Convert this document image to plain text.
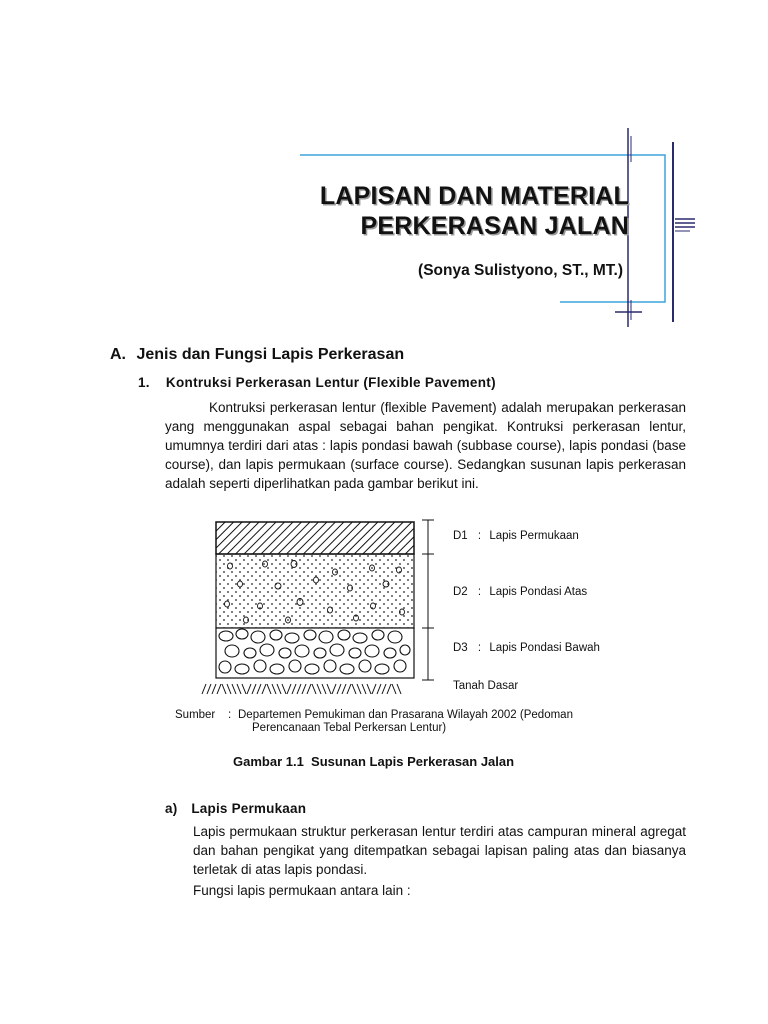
LAPISAN DAN MATERIAL
PERKERASAN JALAN
(Sonya Sulistyono, ST., MT.)
A. Jenis dan Fungsi Lapis Perkerasan
1. Kontruksi Perkerasan Lentur (Flexible Pavement)
Kontruksi perkerasan lentur (flexible Pavement) adalah merupakan perkerasan yang menggunakan aspal sebagai bahan pengikat. Kontruksi perkerasan lentur, umumnya terdiri dari atas : lapis pondasi bawah (subbase course), lapis pondasi (base course), dan lapis permukaan (surface course). Sedangkan susunan lapis perkerasan adalah seperti diperlihatkan pada gambar berikut ini.
D1 : Lapis Permukaan
D2 : Lapis Pondasi Atas
D3 : Lapis Pondasi Bawah
Tanah Dasar
Sumber : Departemen Pemukiman dan Prasarana Wilayah 2002 (Pedoman
Perencanaan Tebal Perkersan Lentur)
Gambar 1.1  Susunan Lapis Perkerasan Jalan
a) Lapis Permukaan
Lapis permukaan struktur perkerasan lentur terdiri atas campuran mineral agregat dan bahan pengikat yang ditempatkan sebagai lapisan paling atas dan biasanya terletak di atas lapis pondasi.
Fungsi lapis permukaan antara lain :
